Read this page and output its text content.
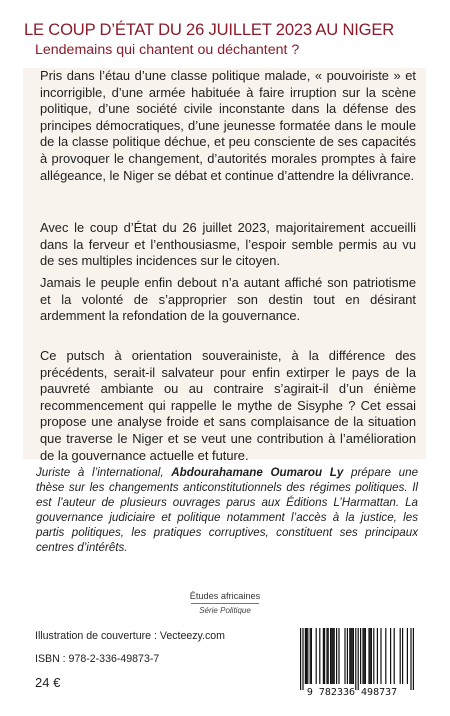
LE COUP D’ÉTAT DU 26 JUILLET 2023 AU NIGER
Lendemains qui chantent ou déchantent ?

Pris dans l’étau d’une classe politique malade, « pouvoiriste » et incorrigible, d’une armée habituée à faire irruption sur la scène politique, d’une société civile inconstante dans la défense des principes démocratiques, d’une jeunesse formatée dans le moule de la classe politique déchue, et peu consciente de ses capacités à provoquer le changement, d’autorités morales promptes à faire allégeance, le Niger se débat et continue d’attendre la délivrance.

Avec le coup d’État du 26 juillet 2023, majoritairement accueilli dans la ferveur et l’enthousiasme, l’espoir semble permis au vu de ses multiples incidences sur le citoyen.

Jamais le peuple enfin debout n’a autant affiché son patriotisme et la volonté de s’approprier son destin tout en désirant ardemment la refondation de la gouvernance.

Ce putsch à orientation souverainiste, à la différence des précédents, serait-il salvateur pour enfin extirper le pays de la pauvreté ambiante ou au contraire s’agirait-il d’un énième recommencement qui rappelle le mythe de Sisyphe ? Cet essai propose une analyse froide et sans complaisance de la situation que traverse le Niger et se veut une contribution à l’amélioration de la gouvernance actuelle et future.

Juriste à l’international, Abdourahamane Oumarou Ly prépare une thèse sur les changements anticonstitutionnels des régimes politiques. Il est l’auteur de plusieurs ouvrages parus aux Éditions L’Harmattan. La gouvernance judiciaire et politique notamment l’accès à la justice, les partis politiques, les pratiques corruptives, constituent ses principaux centres d’intérêts.

Études africaines
Série Politique
Illustration de couverture : Vecteezy.com
ISBN : 978-2-336-49873-7
24 €
9 782336 498737
